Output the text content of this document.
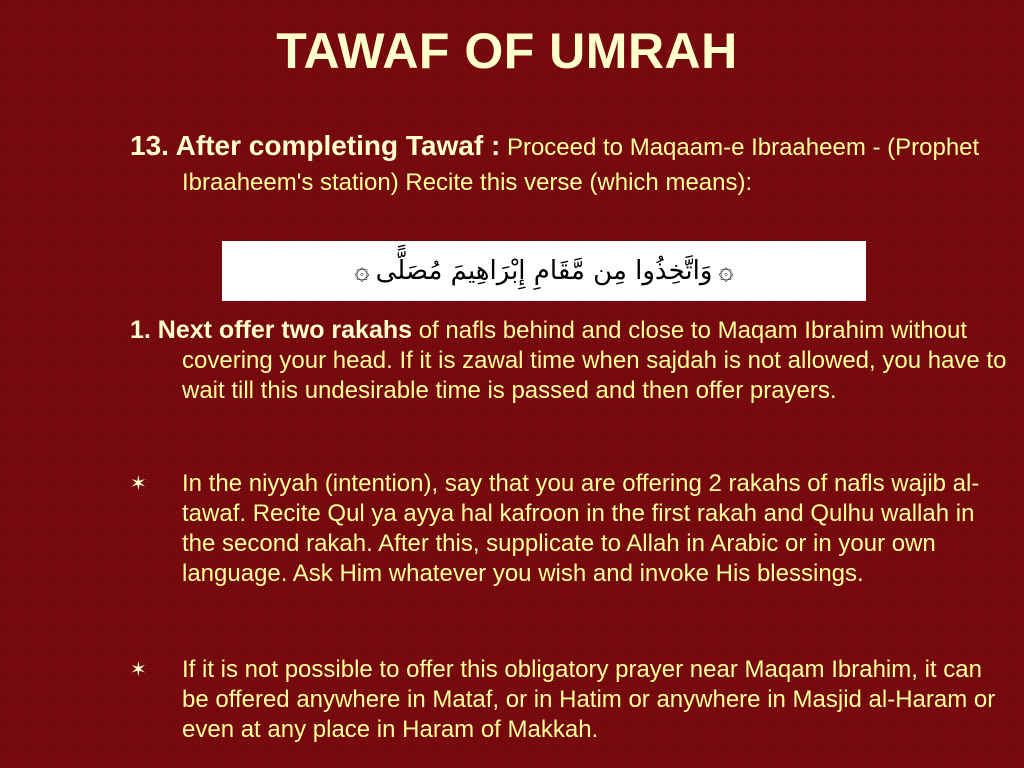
TAWAF OF UMRAH
13. After completing Tawaf : Proceed to Maqaam-e Ibraaheem - (Prophet Ibraaheem's station) Recite this verse (which means):
۞
وَاتَّخِذُوا مِن مَّقَامِ إِبْرَاهِيمَ مُصَلًّى
۞
1. Next offer two rakahs of nafls behind and close to Maqam Ibrahim without covering your head. If it is zawal time when sajdah is not allowed, you have to wait till this undesirable time is passed and then offer prayers.
✶	In the niyyah (intention), say that you are offering 2 rakahs of nafls wajib al- tawaf. Recite Qul ya ayya hal kafroon in the first rakah and Qulhu wallah in the second rakah. After this, supplicate to Allah in Arabic or in your own language. Ask Him whatever you wish and invoke His blessings.
✶	If it is not possible to offer this obligatory prayer near Maqam Ibrahim, it can be offered anywhere in Mataf, or in Hatim or anywhere in Masjid al-Haram or even at any place in Haram of Makkah.
